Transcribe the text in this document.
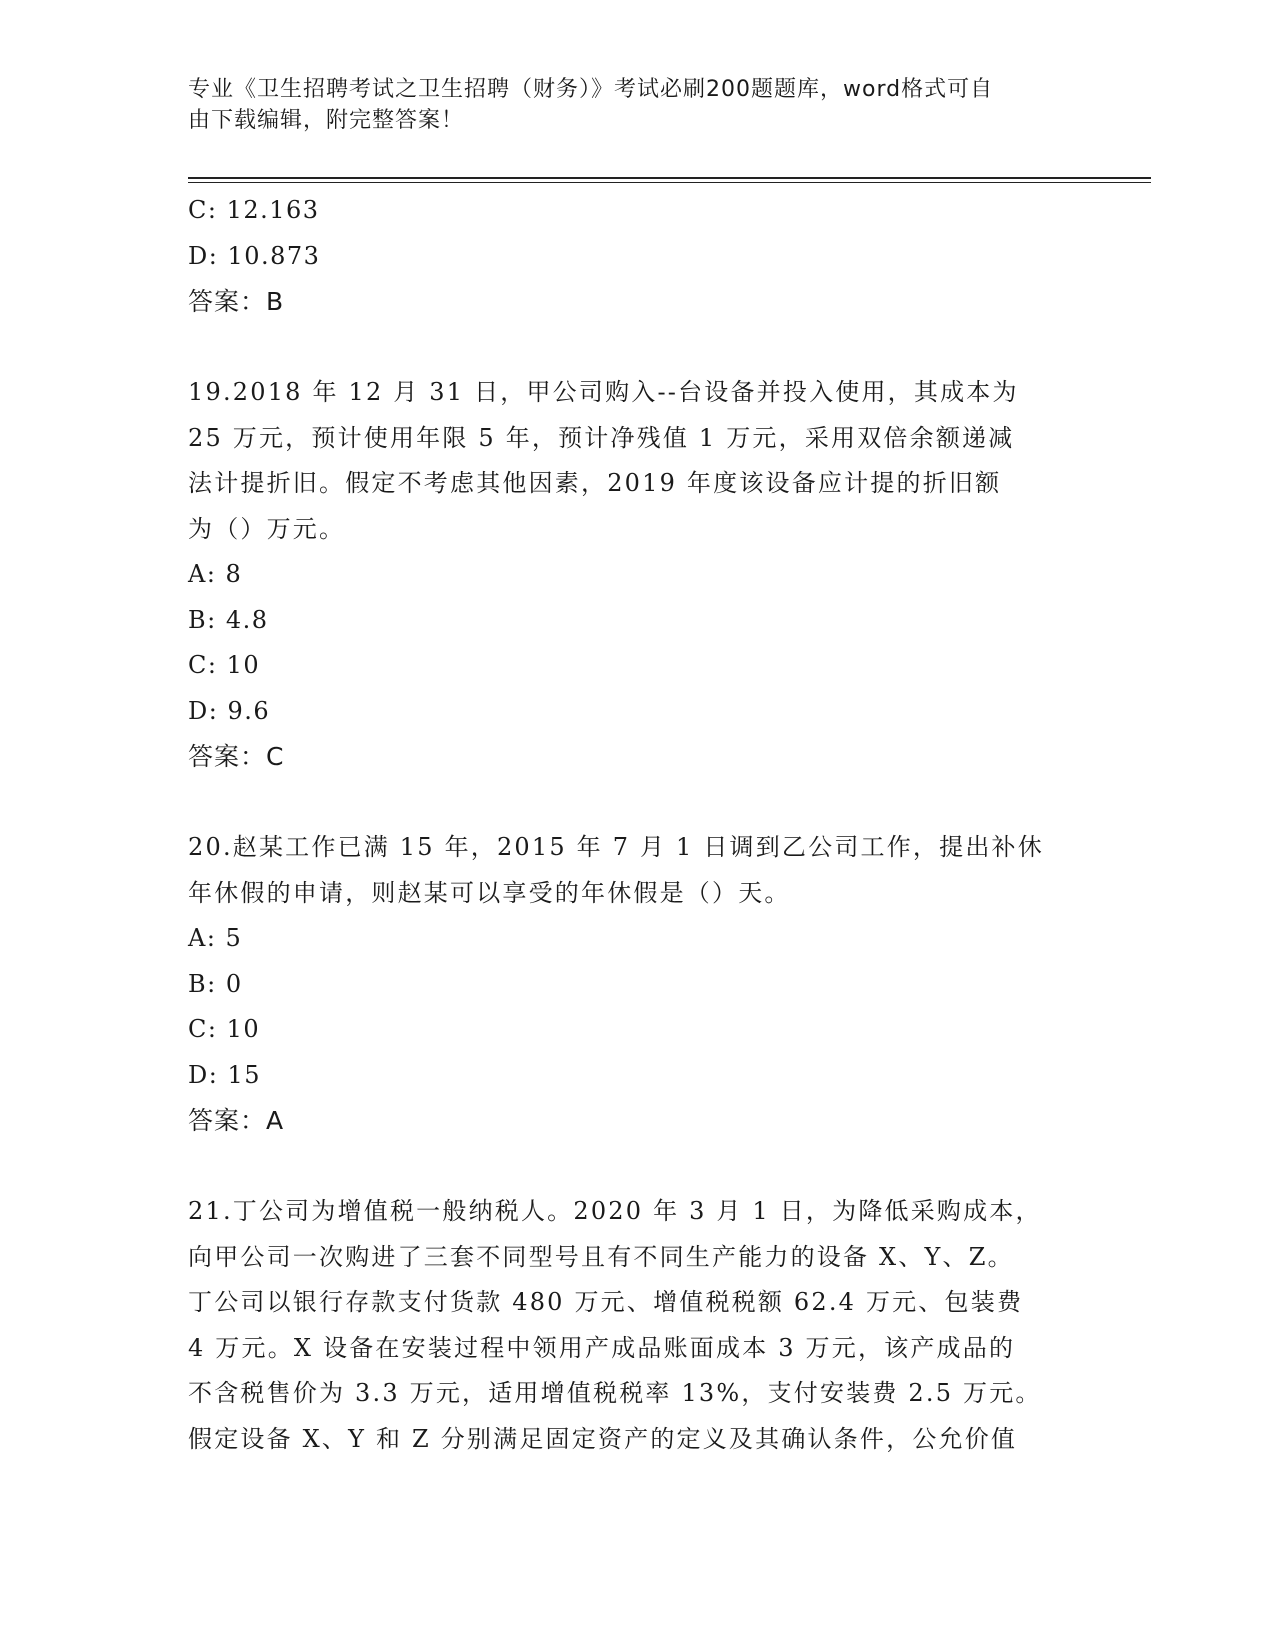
专业《卫生招聘考试之卫生招聘（财务）》考试必刷200题题库，word格式可自
由下载编辑，附完整答案！
C: 12.163
D: 10.873
答案：B
19.2018 年 12 月 31 日，甲公司购入--台设备并投入使用，其成本为
25 万元，预计使用年限 5 年，预计净残值 1 万元，采用双倍余额递减
法计提折旧。假定不考虑其他因素，2019 年度该设备应计提的折旧额
为（）万元。
A: 8
B: 4.8
C: 10
D: 9.6
答案：C
20.赵某工作已满 15 年，2015 年 7 月 1 日调到乙公司工作，提出补休
年休假的申请，则赵某可以享受的年休假是（）天。
A: 5
B: 0
C: 10
D: 15
答案：A
21.丁公司为增值税一般纳税人。2020 年 3 月 1 日，为降低采购成本，
向甲公司一次购进了三套不同型号且有不同生产能力的设备 X、Y、Z。
丁公司以银行存款支付货款 480 万元、增值税税额 62.4 万元、包装费
4 万元。X 设备在安装过程中领用产成品账面成本 3 万元，该产成品的
不含税售价为 3.3 万元，适用增值税税率 13%，支付安装费 2.5 万元。
假定设备 X、Y 和 Z 分别满足固定资产的定义及其确认条件，公允价值
